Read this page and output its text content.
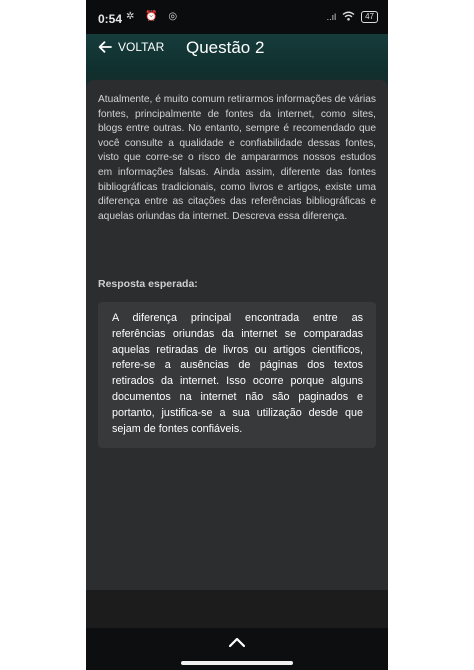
0:54 ✲ ⏰ ◎	..ıl	47
VOLTAR Questão 2

Atualmente, é muito comum retirarmos informações de várias fontes, principalmente de fontes da internet, como sites, blogs entre outras. No entanto, sempre é recomendado que você consulte a qualidade e confiabilidade dessas fontes, visto que corre-se o risco de ampararmos nossos estudos em informações falsas. Ainda assim, diferente das fontes bibliográficas tradicionais, como livros e artigos, existe uma diferença entre as citações das referências bibliográficas e aquelas oriundas da internet. Descreva essa diferença.

Resposta esperada:

A diferença principal encontrada entre as referências oriundas da internet se comparadas aquelas retiradas de livros ou artigos científicos, refere-se a ausências de páginas dos textos retirados da internet. Isso ocorre porque alguns documentos na internet não são paginados e portanto, justifica-se a sua utilização desde que sejam de fontes confiáveis.
